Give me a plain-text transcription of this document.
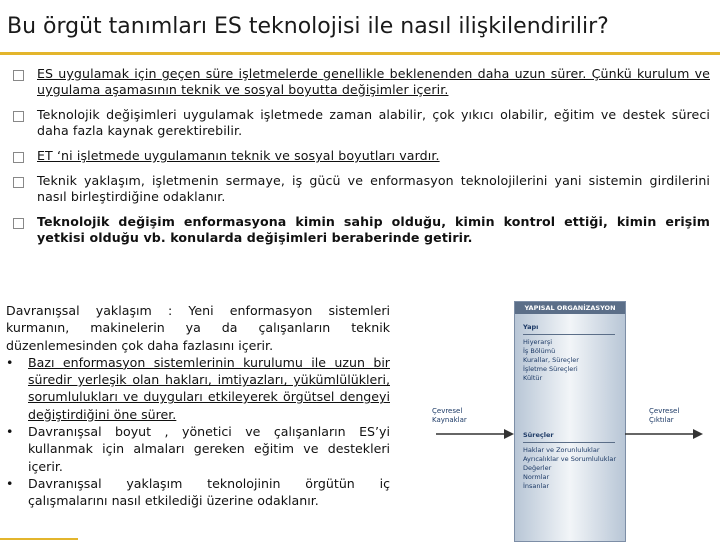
Bu örgüt tanımları ES teknolojisi ile nasıl ilişkilendirilir?
ES uygulamak için geçen süre işletmelerde genellikle beklenenden daha uzun sürer. Çünkü kurulum ve uygulama aşamasının teknik ve sosyal boyutta değişimler içerir.
Teknolojik değişimleri uygulamak işletmede zaman alabilir, çok yıkıcı olabilir, eğitim ve destek süreci daha fazla kaynak gerektirebilir.
ET ‘ni işletmede uygulamanın teknik ve sosyal boyutları vardır.
Teknik yaklaşım, işletmenin sermaye, iş gücü ve enformasyon teknolojilerini yani sistemin girdilerini nasıl birleştirdiğine odaklanır.
Teknolojik değişim enformasyona kimin sahip olduğu, kimin kontrol ettiği, kimin erişim yetkisi olduğu vb. konularda değişimleri beraberinde getirir.

Davranışsal yaklaşım : Yeni enformasyon sistemleri kurmanın, makinelerin ya da çalışanların teknik düzenlemesinden çok daha fazlasını içerir.

•	Bazı enformasyon sistemlerinin kurulumu ile uzun bir süredir yerleşik olan hakları, imtiyazları, yükümlülükleri, sorumlulukları ve duyguları etkileyerek örgütsel dengeyi değiştirdiğini öne sürer.
•	Davranışsal boyut , yönetici ve çalışanların ES’yi kullanmak için almaları gereken eğitim ve destekleri içerir.
•	Davranışsal yaklaşım teknolojinin örgütün iç çalışmalarını nasıl etkilediği üzerine odaklanır.
Çevresel
Kaynaklar
YAPISAL ORGANİZASYON
Yapı
Hiyerarşi
İş Bölümü
Kurallar, Süreçler
İşletme Süreçleri
Kültür
Süreçler
Haklar ve Zorunluluklar
Ayrıcalıklar ve Sorumluluklar
Değerler
Normlar
İnsanlar
Çevresel
Çıktılar
